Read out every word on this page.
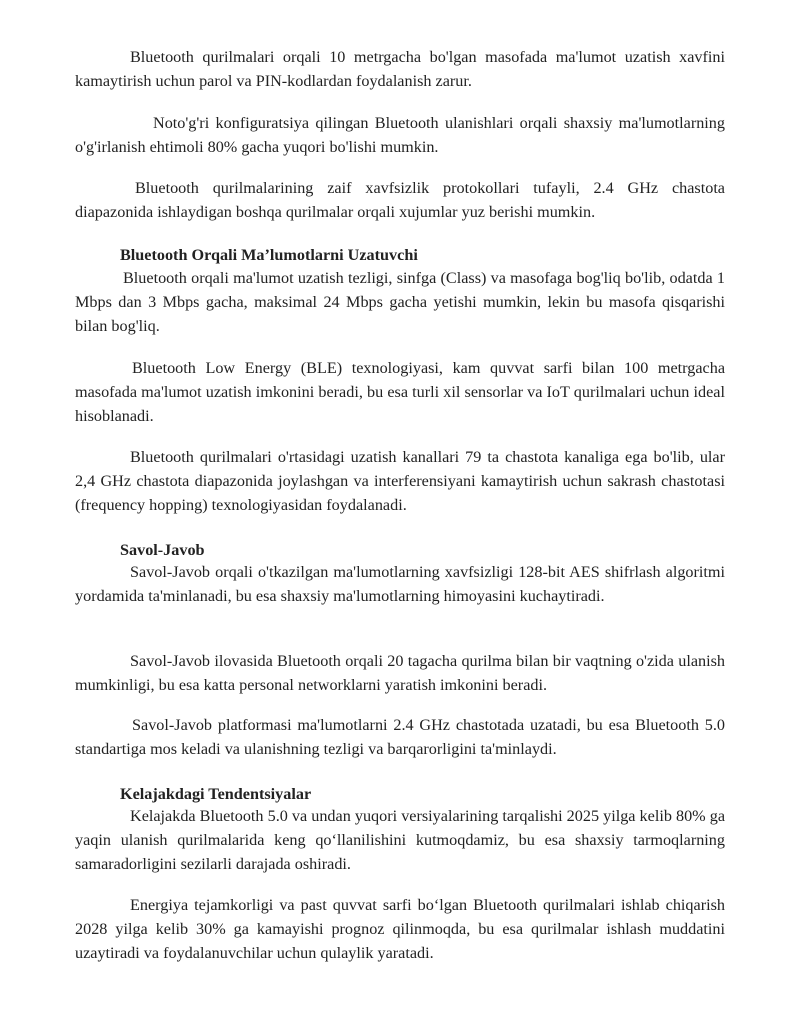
Bluetooth qurilmalari orqali 10 metrgacha bo'lgan masofada ma'lumot uzatish xavfini kamaytirish uchun parol va PIN-kodlardan foydalanish zarur.

Noto'g'ri konfiguratsiya qilingan Bluetooth ulanishlari orqali shaxsiy ma'lumotlarning o'g'irlanish ehtimoli 80% gacha yuqori bo'lishi mumkin.

Bluetooth qurilmalarining zaif xavfsizlik protokollari tufayli, 2.4 GHz chastota diapazonida ishlaydigan boshqa qurilmalar orqali xujumlar yuz berishi mumkin.

Bluetooth Orqali Ma’lumotlarni Uzatuvchi

Bluetooth orqali ma'lumot uzatish tezligi, sinfga (Class) va masofaga bog'liq bo'lib, odatda 1 Mbps dan 3 Mbps gacha, maksimal 24 Mbps gacha yetishi mumkin, lekin bu masofa qisqarishi bilan bog'liq.

Bluetooth Low Energy (BLE) texnologiyasi, kam quvvat sarfi bilan 100 metrgacha masofada ma'lumot uzatish imkonini beradi, bu esa turli xil sensorlar va IoT qurilmalari uchun ideal hisoblanadi.

Bluetooth qurilmalari o'rtasidagi uzatish kanallari 79 ta chastota kanaliga ega bo'lib, ular 2,4 GHz chastota diapazonida joylashgan va interferensiyani kamaytirish uchun sakrash chastotasi (frequency hopping) texnologiyasidan foydalanadi.

Savol-Javob

Savol-Javob orqali o'tkazilgan ma'lumotlarning xavfsizligi 128-bit AES shifrlash algoritmi yordamida ta'minlanadi, bu esa shaxsiy ma'lumotlarning himoyasini kuchaytiradi.

Savol-Javob ilovasida Bluetooth orqali 20 tagacha qurilma bilan bir vaqtning o'zida ulanish mumkinligi, bu esa katta personal networklarni yaratish imkonini beradi.

Savol-Javob platformasi ma'lumotlarni 2.4 GHz chastotada uzatadi, bu esa Bluetooth 5.0 standartiga mos keladi va ulanishning tezligi va barqarorligini ta'minlaydi.

Kelajakdagi Tendentsiyalar

Kelajakda Bluetooth 5.0 va undan yuqori versiyalarining tarqalishi 2025 yilga kelib 80% ga yaqin ulanish qurilmalarida keng qo‘llanilishini kutmoqdamiz, bu esa shaxsiy tarmoqlarning samaradorligini sezilarli darajada oshiradi.

Energiya tejamkorligi va past quvvat sarfi bo‘lgan Bluetooth qurilmalari ishlab chiqarish 2028 yilga kelib 30% ga kamayishi prognoz qilinmoqda, bu esa qurilmalar ishlash muddatini uzaytiradi va foydalanuvchilar uchun qulaylik yaratadi.
